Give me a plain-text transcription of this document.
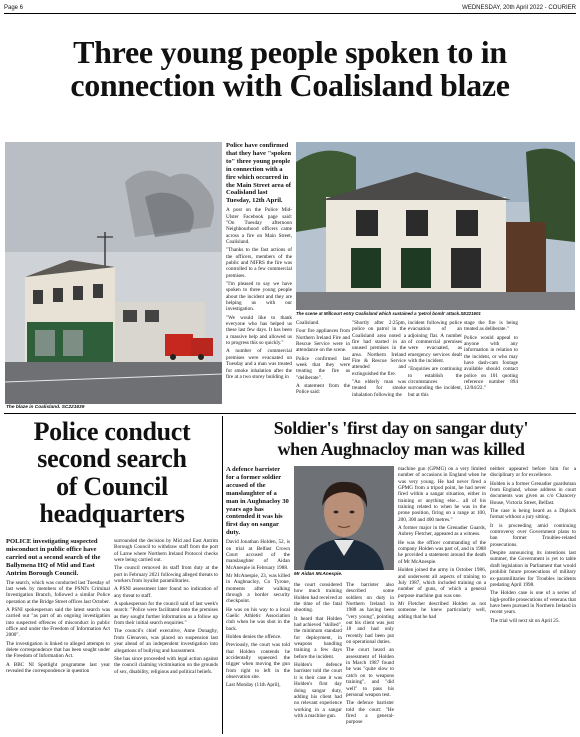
Page 6	WEDNESDAY, 20th April 2022 - COURIER
Three young people spoken to in
connection with Coalisland blaze
The blaze in Coalisland. SC221639

Police have confirmed that they have "spoken to" three young people in connection with a fire which occurred in the Main Street area of Coalisland last Tuesday, 12th April.

A post on the Police Mid-Ulster Facebook page said: "On Tuesday afternoon Neighbourhood officers came across a fire on Main Street, Coalisland.

"Thanks to the fast actions of the officers, members of the public and NIFRS the fire was controlled to a few commercial premises.

"I'm pleased to say we have spoken to three young people about the incident and they are helping us with our investigation.

"We would like to thank everyone who has helped us these last few days. It has been a massive help and allowed us to progress this so quickly."

A number of commercial premises were evacuated on Tuesday and a man was treated for smoke inhalation after the fire at a two storey building in

The scene at Millcourt entry Coalisland which sustained a 'petrol bomb' attack.SE221601

Coalisland.

Four fire appliances from Northern Ireland Fire and Rescue Service were in attendance on the scene.

Police confirmed last week that they were treating the fire as "deliberate".

A statement from the Police said:

"Shortly after 2:25pm, police on patrol in the Coalisland area noted a fire had started in an unused premises in the area. Northern Ireland Fire & Rescue Service attended and extinguished the fire.

"An elderly man was treated for smoke inhalation following the

incident following police evacuation of an adjoining flat. A number of commercial premises were evacuated, as emergency services dealt with the incident.

"Enquiries are continuing to establish the circumstances surrounding the incident, but at this

stage the fire is being treated as deliberate."

Police would appeal to anyone with any information in relation to the incident, or who may have dash-cam footage available should contact police on 101 quoting reference number 894 12/04/22."

Police conduct
second search
of Council
headquarters

POLICE investigating suspected misconduct in public office have carried out a second search of the Ballymena HQ of Mid and East Antrim Borough Council.

The search, which was conducted last Tuesday of last week by members of the PSNI's Criminal Investigation Branch, followed a similar Police operation at the Bridge Street offices last October.

A PSNI spokesperson said the latest search was carried out "as part of an ongoing investigation into suspected offences of misconduct in public office and under the Freedom of Information Act 2000".

The investigation is linked to alleged attempts to delete correspondence that has been sought under the Freedom of Information Act.

A BBC NI Spotlight programme last year revealed the correspondence in question

surrounded the decision by Mid and East Antrim Borough Council to withdraw staff from the port of Larne where Northern Ireland Protocol checks were being carried out.

The council removed its staff from duty at the port in February 2021 following alleged threats to workers from loyalist paramilitaries.

A PSNI assessment later found no indication of any threat to staff.

A spokesperson for the council said of last week's search: "Police were facilitated onto the premises as they sought further information as a follow up from their initial search enquiries."

The council's chief executive, Anne Donaghy, from Glenavon, was placed on suspension last year ahead of an independent investigation into allegations of bullying and harassment.

She has since proceeded with legal action against the council claiming victimisation on the grounds of sex, disability, religious and political beliefs.

Soldier's 'first day on sangar duty'
when Aughnacloy man was killed

A defence barrister for a former soldier accused of the manslaughter of a man in Aughnacloy 30 years ago has contended it was his first day on sangar duty.

David Jonathan Holden, 52, is on trial at Belfast Crown Court accused of the manslaughter of Aidan McAnespie in February 1988.

Mr McAnespie, 23, was killed in Aughnacloy, Co Tyrone, moments after walking through a border security checkpoint.

He was on his way to a local Gaelic Athletic Association club when he was shot in the back.

Holden denies the offence.

Previously, the court was told that Holden contends he accidentally squeezed the trigger when moving the gun from right to left in the observation site.

Last Monday (11th April),

Mr Aidan McAnespie.

the court considered how much training Holden had received at the time of the fatal shooting.

It heard that Holden had achieved "skilled", the minimum standard for deployment, in weapons handling training a few days before the incident.

Holden's defence barrister told the court it is their case it was Holden's first day doing sangar duty, adding his client had no relevant experience working in a sangar with a machine gun.

The barrister also described some soldiers on duty in Northern Ireland in 1988 as having been "very young", pointing out his client was just 18 and had only recently had been put on operational duties.

The court heard an assessment of Holden in March 1987 found he was "quite slow to catch on to weapons training", and "did well" to pass his personal weapon test.

The defence barrister told the court: "He fired a general-purpose

machine gun (GPMG) on a very limited number of occasions in England when he was very young. He had never fired a GPMG from a tripod point, he had never fired within a sangar situation, either in training or anything else... all of his training related to when he was in the prone position, firing on a range at 100, 200, 300 and 400 metres."

A former major in the Grenadier Guards, Aubrey Fletcher, appeared as a witness.

He was the officer commanding of the company Holden was part of, and in 1988 he provided a statement around the death of Mr McAnespie.

Holden joined the army in October 1986, and underwent all aspects of training to July 1987, which included training on a number of guns, of which a general purpose machine gun was one.

Mr Fletcher described Holden as not someone he knew particularly well, adding that he had

neither appeared before him for a disciplinary or for excellence.

Holden is a former Grenadier guardsman from England, whose address in court documents was given as c/o Chancery House, Victoria Street, Belfast.

The case is being heard as a Diplock format without a jury sitting.

It is proceeding amid continuing controversy over Government plans to ban former Troubles-related prosecutions.

Despite announcing its intentions last summer, the Government is yet to table draft legislation in Parliament that would prohibit future prosecutions of military ex-paramilitaries for Troubles incidents predating April 1998.

The Holden case is one of a series of high-profile prosecutions of veterans that have been pursued in Northern Ireland in recent years.

The trial will next sit on April 25.
